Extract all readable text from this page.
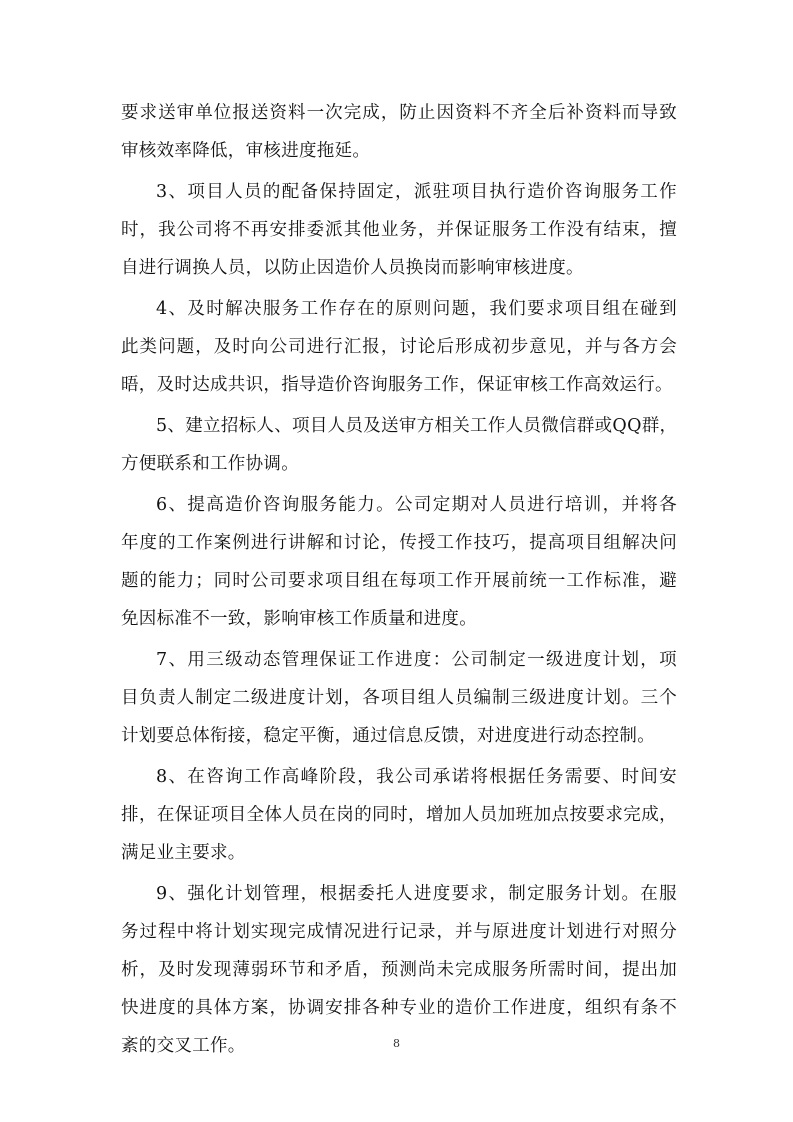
要求送审单位报送资料一次完成，防止因资料不齐全后补资料而导致
审核效率降低，审核进度拖延。

3、项目人员的配备保持固定，派驻项目执行造价咨询服务工作
时，我公司将不再安排委派其他业务，并保证服务工作没有结束，擅
自进行调换人员，以防止因造价人员换岗而影响审核进度。

4、及时解决服务工作存在的原则问题，我们要求项目组在碰到
此类问题，及时向公司进行汇报，讨论后形成初步意见，并与各方会
晤，及时达成共识，指导造价咨询服务工作，保证审核工作高效运行。

5、建立招标人、项目人员及送审方相关工作人员微信群或QQ群，
方便联系和工作协调。

6、提高造价咨询服务能力。公司定期对人员进行培训，并将各
年度的工作案例进行讲解和讨论，传授工作技巧，提高项目组解决问
题的能力；同时公司要求项目组在每项工作开展前统一工作标准，避
免因标准不一致，影响审核工作质量和进度。

7、用三级动态管理保证工作进度：公司制定一级进度计划，项
目负责人制定二级进度计划，各项目组人员编制三级进度计划。三个
计划要总体衔接，稳定平衡，通过信息反馈，对进度进行动态控制。

8、在咨询工作高峰阶段，我公司承诺将根据任务需要、时间安
排，在保证项目全体人员在岗的同时，增加人员加班加点按要求完成，
满足业主要求。

9、强化计划管理，根据委托人进度要求，制定服务计划。在服
务过程中将计划实现完成情况进行记录，并与原进度计划进行对照分
析，及时发现薄弱环节和矛盾，预测尚未完成服务所需时间，提出加
快进度的具体方案，协调安排各种专业的造价工作进度，组织有条不
紊的交叉工作。	8
